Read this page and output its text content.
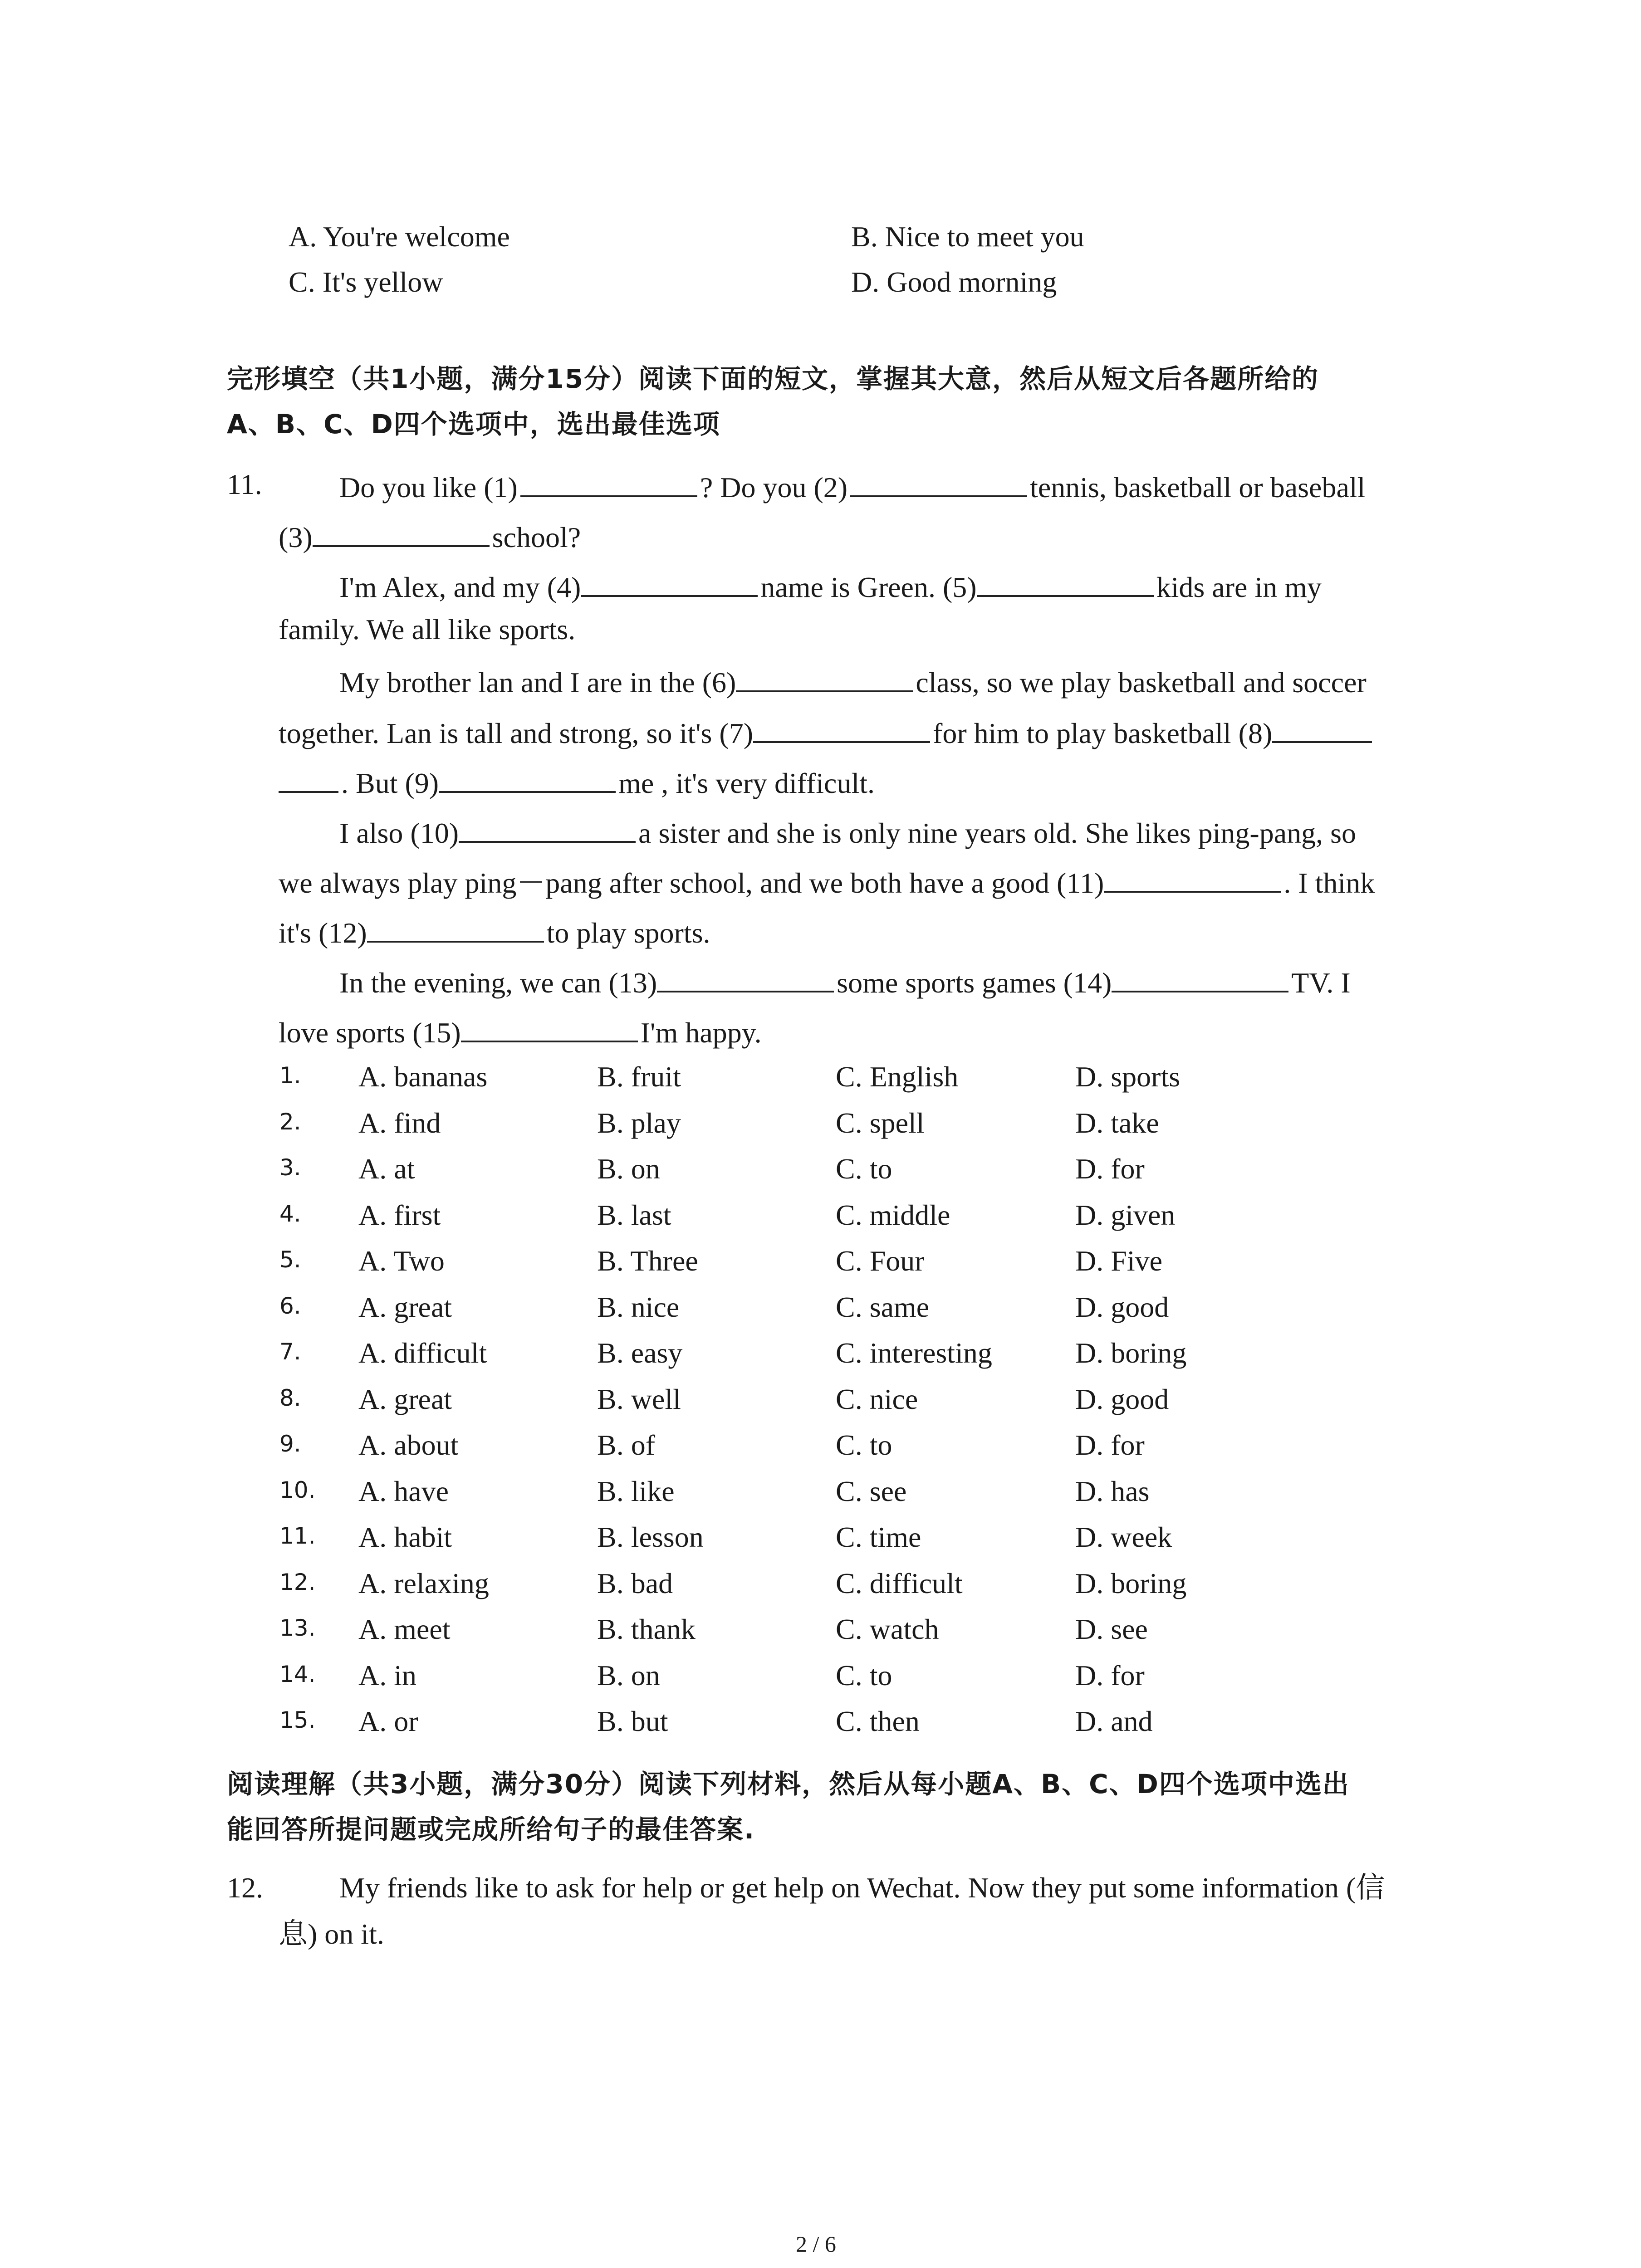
A. You're welcome	B. Nice to meet you
C. It's yellow	D. Good morning
完形填空（共1小题，满分15分）阅读下面的短文，掌握其大意，然后从短文后各题所给的
A、B、C、D四个选项中，选出最佳选项
11.	Do you like (1)	? Do you (2)	tennis, basketball or baseball
(3)	school?
I'm Alex, and my (4)	name is Green. (5)	kids are in my
family. We all like sports.
My brother lan and I are in the (6)	class, so we play basketball and soccer
together. Lan is tall and strong, so it's (7)	for him to play basketball (8)
. But (9)	me , it's very difficult.
I also (10)	a sister and she is only nine years old. She likes ping-pang, so
we always play ping－pang after school, and we both have a good (11)	. I think
it's (12)	to play sports.
In the evening, we can (13)	some sports games (14)	TV. I
love sports (15)	I'm happy.
1. A. bananas	B. fruit	C. English	D. sports
2. A. find	B. play	C. spell	D. take
3. A. at	B. on	C. to	D. for
4. A. first	B. last	C. middle	D. given
5. A. Two	B. Three	C. Four	D. Five
6. A. great	B. nice	C. same	D. good
7. A. difficult	B. easy	C. interesting	D. boring
8. A. great	B. well	C. nice	D. good
9. A. about	B. of	C. to	D. for
10. A. have	B. like	C. see	D. has
11. A. habit	B. lesson	C. time	D. week
12. A. relaxing	B. bad	C. difficult	D. boring
13. A. meet	B. thank	C. watch	D. see
14. A. in	B. on	C. to	D. for
15. A. or	B. but	C. then	D. and
阅读理解（共3小题，满分30分）阅读下列材料，然后从每小题A、B、C、D四个选项中选出
能回答所提问题或完成所给句子的最佳答案.
12.	My friends like to ask for help or get help on Wechat. Now they put some information (信
息) on it.
2 / 6
